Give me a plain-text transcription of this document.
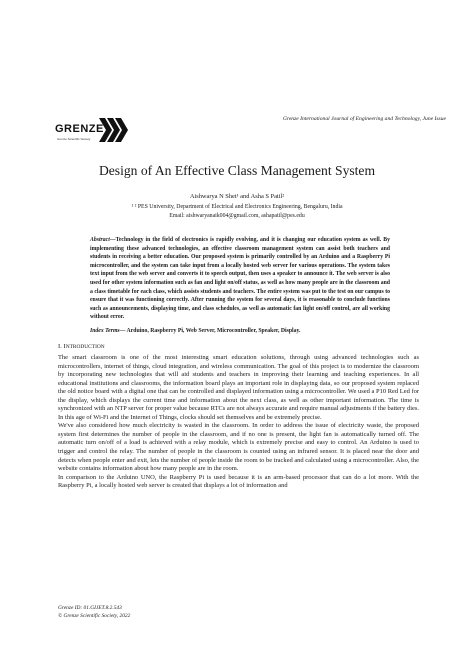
GRENZE
Grenze Scientific Society
Grenze International Journal of Engineering and Technology, June Issue
Design of An Effective Class Management System
Aishwarya N Shet¹ and Asha S Patil²
¹ ² PES University, Department of Electrical and Electronics Engineering, Bengaluru, India
Email: aishwaryanaik004@gmail.com, ashapatil@pes.edu
Abstract—Technology in the field of electronics is rapidly evolving, and it is changing our education system as well. By implementing these advanced technologies, an effective classroom management system can assist both teachers and students in receiving a better education. Our proposed system is primarily controlled by an Arduino and a Raspberry Pi microcontroller, and the system can take input from a locally hosted web server for various operations. The system takes text input from the web server and converts it to speech output, then uses a speaker to announce it. The web server is also used for other system information such as fan and light on/off status, as well as how many people are in the classroom and a class timetable for each class, which assists students and teachers. The entire system was put to the test on our campus to ensure that it was functioning correctly. After running the system for several days, it is reasonable to conclude functions such as announcements, displaying time, and class schedules, as well as automatic fan light on/off control, are all working without error.
Index Terms— Arduino, Raspberry Pi, Web Server, Microcontroller, Speaker, Display.
I. INTRODUCTION

The smart classroom is one of the most interesting smart education solutions, through using advanced technologies such as microcontrollers, internet of things, cloud integration, and wireless communication. The goal of this project is to modernize the classroom by incorporating new technologies that will aid students and teachers in improving their learning and teaching experiences. In all educational institutions and classrooms, the information board plays an important role in displaying data, so our proposed system replaced the old notice board with a digital one that can be controlled and displayed information using a microcontroller. We used a P10 Red Led for the display, which displays the current time and information about the next class, as well as other important information. The time is synchronized with an NTP server for proper value because RTCs are not always accurate and require manual adjustments if the battery dies. In this age of Wi-Fi and the Internet of Things, clocks should set themselves and be extremely precise.

We've also considered how much electricity is wasted in the classroom. In order to address the issue of electricity waste, the proposed system first determines the number of people in the classroom, and if no one is present, the light fan is automatically turned off. The automatic turn on/off of a load is achieved with a relay module, which is extremely precise and easy to control. An Arduino is used to trigger and control the relay. The number of people in the classroom is counted using an infrared sensor. It is placed near the door and detects when people enter and exit, lets the number of people inside the room to be tracked and calculated using a microcontroller. Also, the website contains information about how many people are in the room.

In comparison to the Arduino UNO, the Raspberry Pi is used because it is an arm-based processor that can do a lot more. With the Raspberry Pi, a locally hosted web server is created that displays a lot of information and

Grenze ID: 01.GIJET.8.2.543
© Grenze Scientific Society, 2022
